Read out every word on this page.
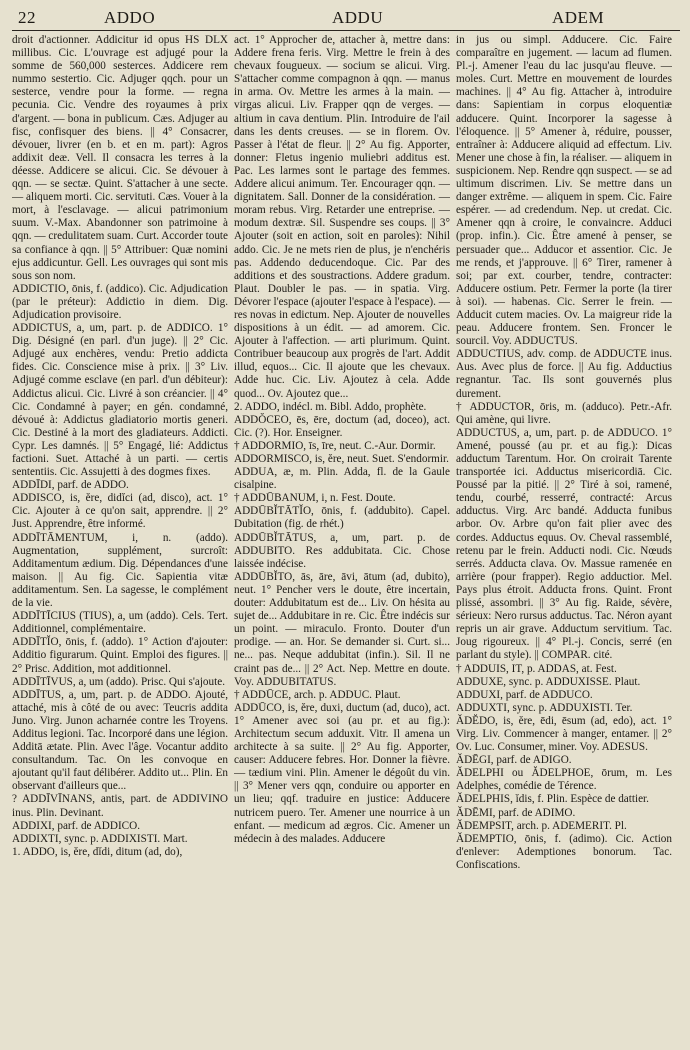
22	ADDO	ADDU	ADEM

droit d'actionner. Addicitur id opus HS DLX millibus. Cic. L'ouvrage est adjugé pour la somme de 560,000 sesterces. Addicere rem nummo sestertio. Cic. Adjuger qqch. pour un sesterce, vendre pour la forme. — regna pecunia. Cic. Vendre des royaumes à prix d'argent. — bona in publicum. Cæs. Adjuger au fisc, confisquer des biens. || 4° Consacrer, dévouer, livrer (en b. et en m. part): Agros addixit deæ. Vell. Il consacra les terres à la déesse. Addicere se alicui. Cic. Se dévouer à qqn. — se sectæ. Quint. S'attacher à une secte. — aliquem morti. Cic. servituti. Cæs. Vouer à la mort, à l'esclavage. — alicui patrimonium suum. V.-Max. Abandonner son patrimoine à qqn. — credulitatem suam. Curt. Accorder toute sa confiance à qqn. || 5° Attribuer: Quæ nomini ejus addicuntur. Gell. Les ouvrages qui sont mis sous son nom.

ADDICTIO, ōnis, f. (addico). Cic. Adjudication (par le préteur): Addictio in diem. Dig. Adjudication provisoire.

ADDICTUS, a, um, part. p. de ADDICO. 1° Dig. Désigné (en parl. d'un juge). || 2° Cic. Adjugé aux enchères, vendu: Pretio addicta fides. Cic. Conscience mise à prix. || 3° Liv. Adjugé comme esclave (en parl. d'un débiteur): Addictus alicui. Cic. Livré à son créancier. || 4° Cic. Condamné à payer; en gén. condamné, dévoué à: Addictus gladiatorio mortis generi. Cic. Destiné à la mort des gladiateurs. Addicti. Cypr. Les damnés. || 5° Engagé, lié: Addictus factioni. Suet. Attaché à un parti. — certis sententiis. Cic. Assujetti à des dogmes fixes.

ADDĪDI, parf. de ADDO.

ADDISCO, is, ĕre, didĭci (ad, disco), act. 1° Cic. Ajouter à ce qu'on sait, apprendre. || 2° Just. Apprendre, être informé.

ADDĪTĀMENTUM, i, n. (addo). Augmentation, supplément, surcroît: Additamentum ædium. Dig. Dépendances d'une maison. || Au fig. Cic. Sapientia vitæ additamentum. Sen. La sagesse, le complément de la vie.

ADDĪTĪCIUS (TIUS), a, um (addo). Cels. Tert. Additionnel, complémentaire.

ADDĪTĬO, ōnis, f. (addo). 1° Action d'ajouter: Additio figurarum. Quint. Emploi des figures. || 2° Prisc. Addition, mot additionnel.

ADDĪTĪVUS, a, um (addo). Prisc. Qui s'ajoute.

ADDĪTUS, a, um, part. p. de ADDO. Ajouté, attaché, mis à côté de ou avec: Teucris addita Juno. Virg. Junon acharnée contre les Troyens. Additus legioni. Tac. Incorporé dans une légion. Additā ætate. Plin. Avec l'âge. Vocantur addito consultandum. Tac. On les convoque en ajoutant qu'il faut délibérer. Addito ut... Plin. En observant d'ailleurs que...

? ADDĪVĪNANS, antis, part. de ADDIVINO inus. Plin. Devinant.

ADDIXI, parf. de ADDICO.

ADDIXTI, sync. p. ADDIXISTI. Mart.

1. ADDO, is, ĕre, dĭdi, ditum (ad, do),

act. 1° Approcher de, attacher à, mettre dans: Addere frena feris. Virg. Mettre le frein à des chevaux fougueux. — socium se alicui. Virg. S'attacher comme compagnon à qqn. — manus in arma. Ov. Mettre les armes à la main. — virgas alicui. Liv. Frapper qqn de verges. — altium in cava dentium. Plin. Introduire de l'ail dans les dents creuses. — se in florem. Ov. Passer à l'état de fleur. || 2° Au fig. Apporter, donner: Fletus ingenio muliebri additus est. Pac. Les larmes sont le partage des femmes. Addere alicui animum. Ter. Encourager qqn. — dignitatem. Sall. Donner de la considération. — moram rebus. Virg. Retarder une entreprise. — modum dextræ. Sil. Suspendre ses coups. || 3° Ajouter (soit en action, soit en paroles): Nihil addo. Cic. Je ne mets rien de plus, je n'enchéris pas. Addendo deducendoque. Cic. Par des additions et des soustractions. Addere gradum. Plaut. Doubler le pas. — in spatia. Virg. Dévorer l'espace (ajouter l'espace à l'espace). — res novas in edictum. Nep. Ajouter de nouvelles dispositions à un édit. — ad amorem. Cic. Ajouter à l'affection. — arti plurimum. Quint. Contribuer beaucoup aux progrès de l'art. Addit illud, equos... Cic. Il ajoute que les chevaux. Adde huc. Cic. Liv. Ajoutez à cela. Adde quod... Ov. Ajoutez que...

2. ADDO, indécl. m. Bibl. Addo, prophète.

ADDŎCEO, ēs, ēre, doctum (ad, doceo), act. Cic. (?). Hor. Enseigner.

† ADDORMIO, īs, īre, neut. C.-Aur. Dormir.

ADDORMISCO, is, ĕre, neut. Suet. S'endormir.

ADDUA, æ, m. Plin. Adda, fl. de la Gaule cisalpine.

† ADDŪBANUM, i, n. Fest. Doute.

ADDŪBĬTĀTĬO, ōnis, f. (addubito). Capel. Dubitation (fig. de rhét.)

ADDŪBĬTĀTUS, a, um, part. p. de ADDUBITO. Res addubitata. Cic. Chose laissée indécise.

ADDŪBĬTO, ās, āre, āvi, ātum (ad, dubito), neut. 1° Pencher vers le doute, être incertain, douter: Addubitatum est de... Liv. On hésita au sujet de... Addubitare in re. Cic. Être indécis sur un point. — miraculo. Fronto. Douter d'un prodige. — an. Hor. Se demander si. Curt. si... ne... pas. Neque addubitat (infin.). Sil. Il ne craint pas de... || 2° Act. Nep. Mettre en doute. Voy. ADDUBITATUS.

† ADDŪCE, arch. p. ADDUC. Plaut.

ADDŪCO, is, ĕre, duxi, ductum (ad, duco), act. 1° Amener avec soi (au pr. et au fig.): Architectum secum adduxit. Vitr. Il amena un architecte à sa suite. || 2° Au fig. Apporter, causer: Adducere febres. Hor. Donner la fièvre. — tædium vini. Plin. Amener le dégoût du vin. || 3° Mener vers qqn, conduire ou apporter en un lieu; qqf. traduire en justice: Adducere nutricem puero. Ter. Amener une nourrice à un enfant. — medicum ad ægros. Cic. Amener un médecin à des malades. Adducere

in jus ou simpl. Adducere. Cic. Faire comparaître en jugement. — lacum ad flumen. Pl.-j. Amener l'eau du lac jusqu'au fleuve. — moles. Curt. Mettre en mouvement de lourdes machines. || 4° Au fig. Attacher à, introduire dans: Sapientiam in corpus eloquentiæ adducere. Quint. Incorporer la sagesse à l'éloquence. || 5° Amener à, réduire, pousser, entraîner à: Adducere aliquid ad effectum. Liv. Mener une chose à fin, la réaliser. — aliquem in suspicionem. Nep. Rendre qqn suspect. — se ad ultimum discrimen. Liv. Se mettre dans un danger extrême. — aliquem in spem. Cic. Faire espérer. — ad credendum. Nep. ut credat. Cic. Amener qqn à croire, le convaincre. Adduci (prop. infin.). Cic. Être amené à penser, se persuader que... Adducor et assentior. Cic. Je me rends, et j'approuve. || 6° Tirer, ramener à soi; par ext. courber, tendre, contracter: Adducere ostium. Petr. Fermer la porte (la tirer à soi). — habenas. Cic. Serrer le frein. — Adducit cutem macies. Ov. La maigreur ride la peau. Adducere frontem. Sen. Froncer le sourcil. Voy. ADDUCTUS.

ADDUCTIUS, adv. comp. de ADDUCTE inus. Aus. Avec plus de force. || Au fig. Adductius regnantur. Tac. Ils sont gouvernés plus durement.

† ADDUCTOR, ōris, m. (adduco). Petr.-Afr. Qui amène, qui livre.

ADDUCTUS, a, um, part. p. de ADDUCO. 1° Amené, poussé (au pr. et au fig.): Dicas adductum Tarentum. Hor. On croirait Tarente transportée ici. Adductus misericordiā. Cic. Poussé par la pitié. || 2° Tiré à soi, ramené, tendu, courbé, resserré, contracté: Arcus adductus. Virg. Arc bandé. Adducta funibus arbor. Ov. Arbre qu'on fait plier avec des cordes. Adductus equus. Ov. Cheval rassemblé, retenu par le frein. Adducti nodi. Cic. Nœuds serrés. Adducta clava. Ov. Massue ramenée en arrière (pour frapper). Regio adductior. Mel. Pays plus étroit. Adducta frons. Quint. Front plissé, assombri. || 3° Au fig. Raide, sévère, sérieux: Nero rursus adductus. Tac. Néron ayant repris un air grave. Adductum servitium. Tac. Joug rigoureux. || 4° Pl.-j. Concis, serré (en parlant du style). || COMPAR. cité.

† ADDUIS, IT, p. ADDAS, at. Fest.

ADDUXE, sync. p. ADDUXISSE. Plaut.

ADDUXI, parf. de ADDUCO.

ADDUXTI, sync. p. ADDUXISTI. Ter.

ĂDĔDO, is, ĕre, ēdi, ēsum (ad, edo), act. 1° Virg. Liv. Commencer à manger, entamer. || 2° Ov. Luc. Consumer, miner. Voy. ADESUS.

ĂDĒGI, parf. de ADIGO.

ĂDELPHI ou ĂDELPHOE, ōrum, m. Les Adelphes, comédie de Térence.

ĂDELPHIS, ĭdis, f. Plin. Espèce de dattier.

ĂDĒMI, parf. de ADIMO.

ĂDEMPSIT, arch. p. ADEMERIT. Pl.

ĂDEMPTIO, ōnis, f. (adimo). Cic. Action d'enlever: Ademptiones bonorum. Tac. Confiscations.
